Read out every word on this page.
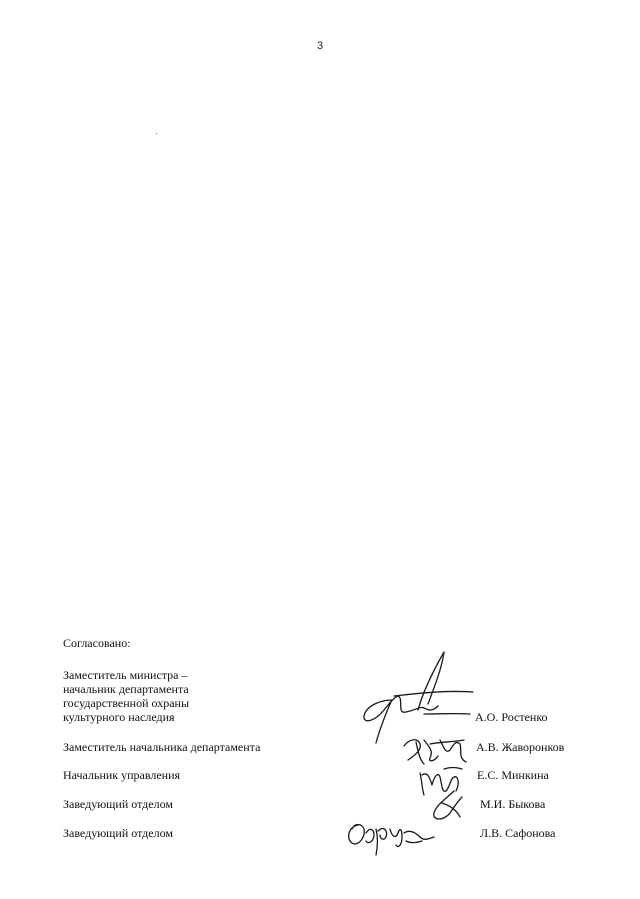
3

Согласовано:

Заместитель министра –
начальник департамента
государственной охраны
культурного наследия	А.О. Ростенко
Заместитель начальника департамента	А.В. Жаворонков
Начальник управления	Е.С. Минкина
Заведующий отделом	М.И. Быкова
Заведующий отделом	Л.В. Сафонова
